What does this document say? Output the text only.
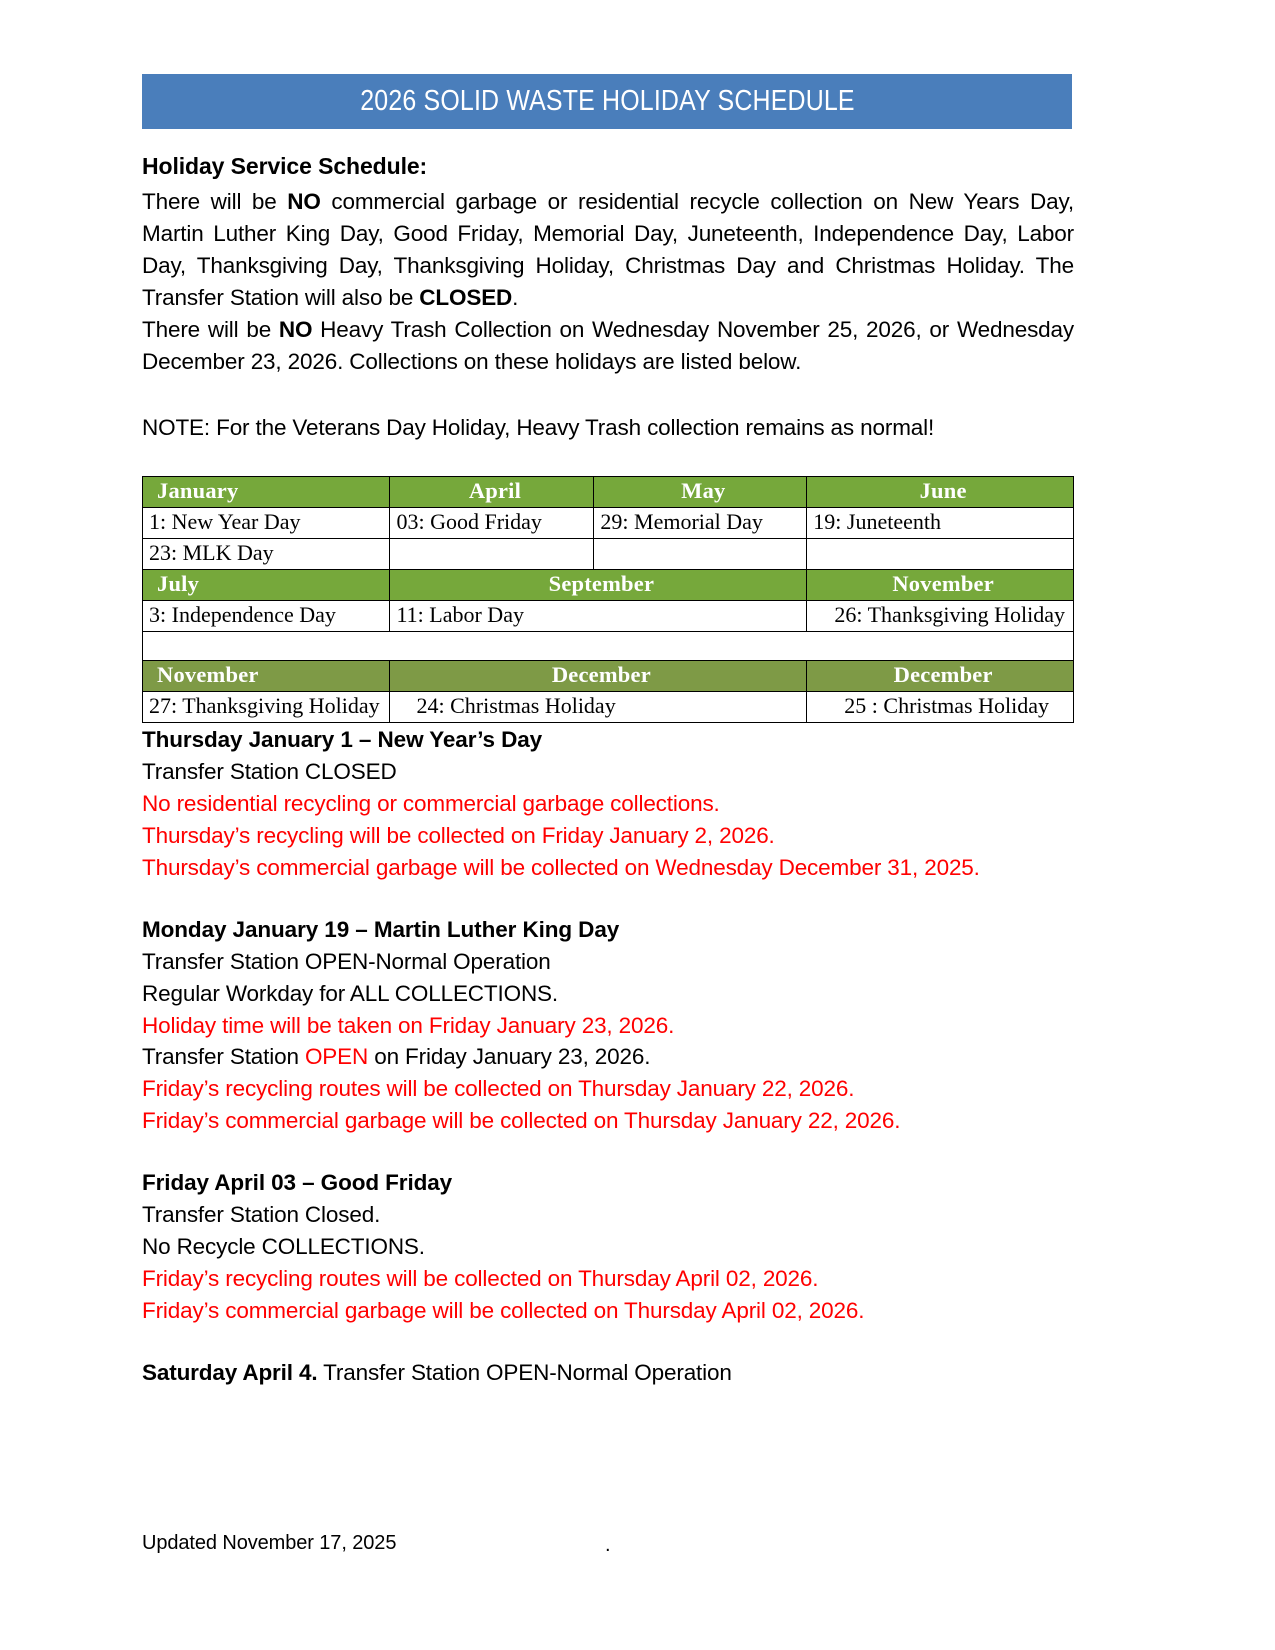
2026 SOLID WASTE HOLIDAY SCHEDULE
Holiday Service Schedule:

There will be NO commercial garbage or residential recycle collection on New Years Day, Martin Luther King Day, Good Friday, Memorial Day, Juneteenth, Independence Day, Labor Day, Thanksgiving Day, Thanksgiving Holiday, Christmas Day and Christmas Holiday. The Transfer Station will also be CLOSED.

There will be NO Heavy Trash Collection on Wednesday November 25, 2026, or Wednesday December 23, 2026. Collections on these holidays are listed below.

NOTE: For the Veterans Day Holiday, Heavy Trash collection remains as normal!

January	April	May	June
1: New Year Day	03: Good Friday	29: Memorial Day	19: Juneteenth
23: MLK Day			
July	September		November
3: Independence Day	11: Labor Day		26: Thanksgiving Holiday

November	December		December
27: Thanksgiving Holiday	24: Christmas Holiday		25 : Christmas Holiday
Thursday January 1 – New Year’s Day
Transfer Station CLOSED
No residential recycling or commercial garbage collections.
Thursday’s recycling will be collected on Friday January 2, 2026.
Thursday’s commercial garbage will be collected on Wednesday December 31, 2025.
Monday January 19 – Martin Luther King Day
Transfer Station OPEN-Normal Operation
Regular Workday for ALL COLLECTIONS.
Holiday time will be taken on Friday January 23, 2026.
Transfer Station OPEN on Friday January 23, 2026.
Friday’s recycling routes will be collected on Thursday January 22, 2026.
Friday’s commercial garbage will be collected on Thursday January 22, 2026.
Friday April 03 – Good Friday
Transfer Station Closed.
No Recycle COLLECTIONS.
Friday’s recycling routes will be collected on Thursday April 02, 2026.
Friday’s commercial garbage will be collected on Thursday April 02, 2026.
Saturday April 4. Transfer Station OPEN-Normal Operation
Updated November 17, 2025	.
